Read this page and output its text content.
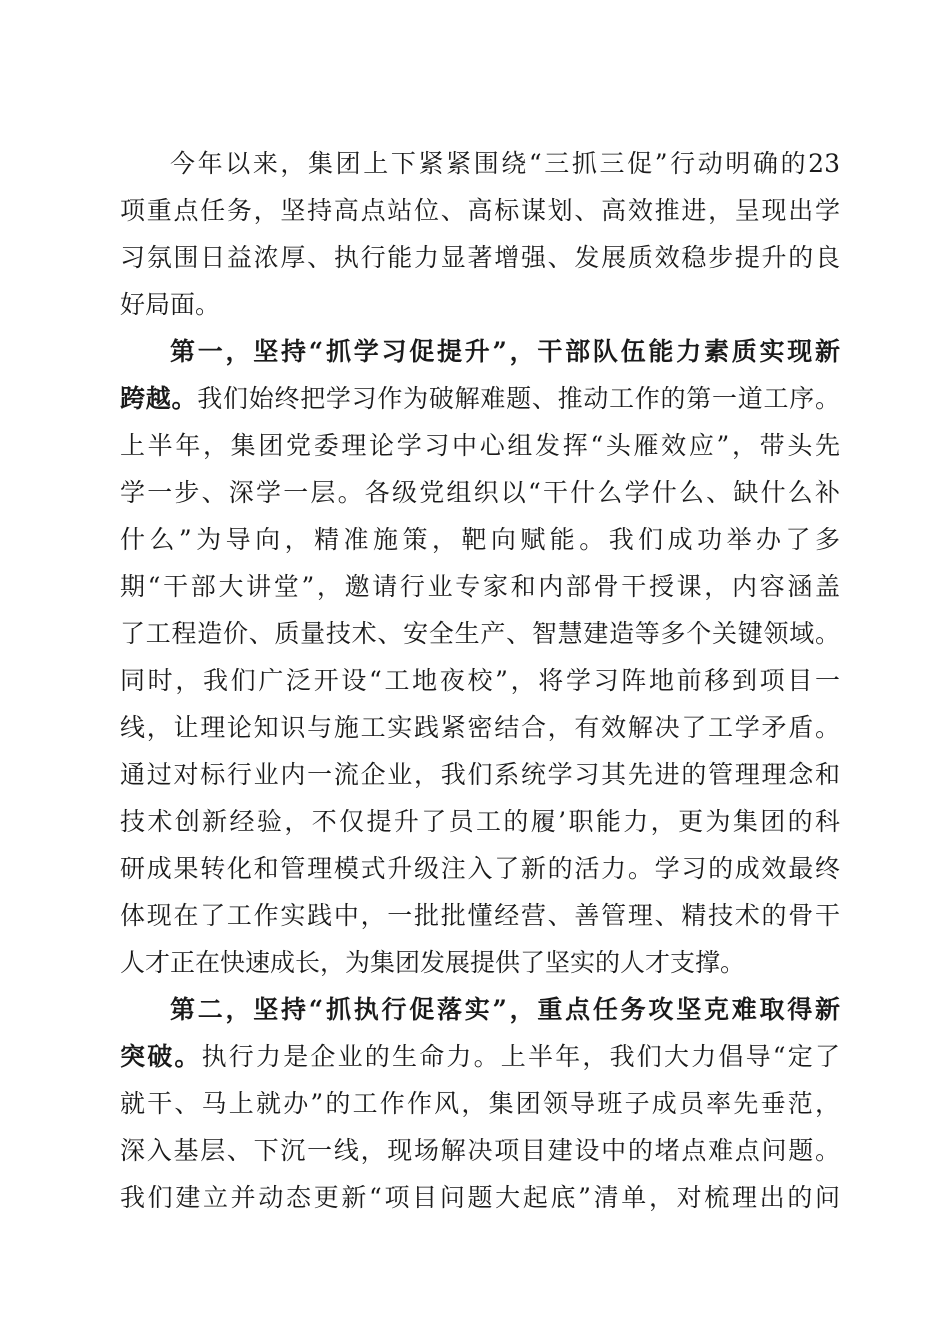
今年以来，集团上下紧紧围绕“三抓三促”行动明确的23
项重点任务，坚持高点站位、高标谋划、高效推进，呈现出学
习氛围日益浓厚、执行能力显著增强、发展质效稳步提升的良
好局面。
第一，坚持“抓学习促提升”，干部队伍能力素质实现新
跨越。我们始终把学习作为破解难题、推动工作的第一道工序。
上半年，集团党委理论学习中心组发挥“头雁效应”，带头先
学一步、深学一层。各级党组织以“干什么学什么、缺什么补
什么”为导向，精准施策，靶向赋能。我们成功举办了多
期“干部大讲堂”，邀请行业专家和内部骨干授课，内容涵盖
了工程造价、质量技术、安全生产、智慧建造等多个关键领域。
同时，我们广泛开设“工地夜校”，将学习阵地前移到项目一
线，让理论知识与施工实践紧密结合，有效解决了工学矛盾。
通过对标行业内一流企业，我们系统学习其先进的管理理念和
技术创新经验，不仅提升了员工的履’职能力，更为集团的科
研成果转化和管理模式升级注入了新的活力。学习的成效最终
体现在了工作实践中，一批批懂经营、善管理、精技术的骨干
人才正在快速成长，为集团发展提供了坚实的人才支撑。
第二，坚持“抓执行促落实”，重点任务攻坚克难取得新
突破。执行力是企业的生命力。上半年，我们大力倡导“定了
就干、马上就办”的工作作风，集团领导班子成员率先垂范，
深入基层、下沉一线，现场解决项目建设中的堵点难点问题。
我们建立并动态更新“项目问题大起底”清单，对梳理出的问
